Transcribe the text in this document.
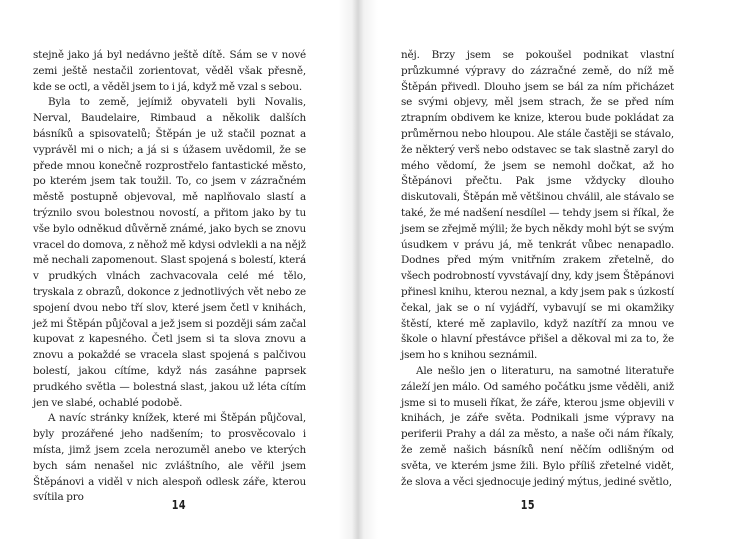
stejně jako já byl nedávno ještě dítě. Sám se v nové zemi ještě nestačil zorientovat, věděl však přesně, kde se octl, a věděl jsem to i já, když mě vzal s sebou.

Byla to země, jejímiž obyvateli byli Novalis, Nerval, Baudelaire, Rimbaud a několik dalších básníků a spisovatelů; Štěpán je už stačil poznat a vyprávěl mi o nich; a já si s úžasem uvědomil, že se přede mnou konečně rozprostřelo fantastické město, po kterém jsem tak toužil. To, co jsem v zázračném městě postupně objevoval, mě naplňovalo slastí a trýznilo svou bolestnou novostí, a přitom jako by tu vše bylo odněkud důvěrně známé, jako bych se znovu vracel do domova, z něhož mě kdysi odvlekli a na nějž mě nechali zapomenout. Slast spojená s bolestí, která v prudkých vlnách zachvacovala celé mé tělo, tryskala z obrazů, dokonce z jednotlivých vět nebo ze spojení dvou nebo tří slov, které jsem četl v knihách, jež mi Štěpán půjčoval a jež jsem si později sám začal kupovat z kapesného. Četl jsem si ta slova znovu a znovu a pokaždé se vracela slast spojená s palčivou bolestí, jakou cítíme, když nás zasáhne paprsek prudkého světla — bolestná slast, jakou už léta cítím jen ve slabé, ochablé podobě.

A navíc stránky knížek, které mi Štěpán půjčoval, byly prozářené jeho nadšením; to prosvěcovalo i místa, jimž jsem zcela nerozuměl anebo ve kterých bych sám nenašel nic zvláštního, ale věřil jsem Štěpánovi a viděl v nich alespoň odlesk záře, kterou svítila pro

14

něj. Brzy jsem se pokoušel podnikat vlastní průzkumné výpravy do zázračné země, do níž mě Štěpán přivedl. Dlouho jsem se bál za ním přicházet se svými objevy, měl jsem strach, že se před ním ztrapním obdivem ke knize, kterou bude pokládat za průměrnou nebo hloupou. Ale stále častěji se stávalo, že některý verš nebo odstavec se tak slastně zaryl do mého vědomí, že jsem se nemohl dočkat, až ho Štěpánovi přečtu. Pak jsme vždycky dlouho diskutovali, Štěpán mě většinou chválil, ale stávalo se také, že mé nadšení nesdílel — tehdy jsem si říkal, že jsem se zřejmě mýlil; že bych někdy mohl být se svým úsudkem v právu já, mě tenkrát vůbec nenapadlo. Dodnes před mým vnitřním zrakem zřetelně, do všech podrobností vyvstávají dny, kdy jsem Štěpánovi přinesl knihu, kterou neznal, a kdy jsem pak s úzkostí čekal, jak se o ní vyjádří, vybavují se mi okamžiky štěstí, které mě zaplavilo, když nazítří za mnou ve škole o hlavní přestávce přišel a děkoval mi za to, že jsem ho s knihou seznámil.

Ale nešlo jen o literaturu, na samotné literatuře záleží jen málo. Od samého počátku jsme věděli, aniž jsme si to museli říkat, že záře, kterou jsme objevili v knihách, je záře světa. Podnikali jsme výpravy na periferii Prahy a dál za město, a naše oči nám říkaly, že země našich básníků není něčím odlišným od světa, ve kterém jsme žili. Bylo příliš zřetelné vidět, že slova a věci sjednocuje jediný mýtus, jediné světlo,

15
